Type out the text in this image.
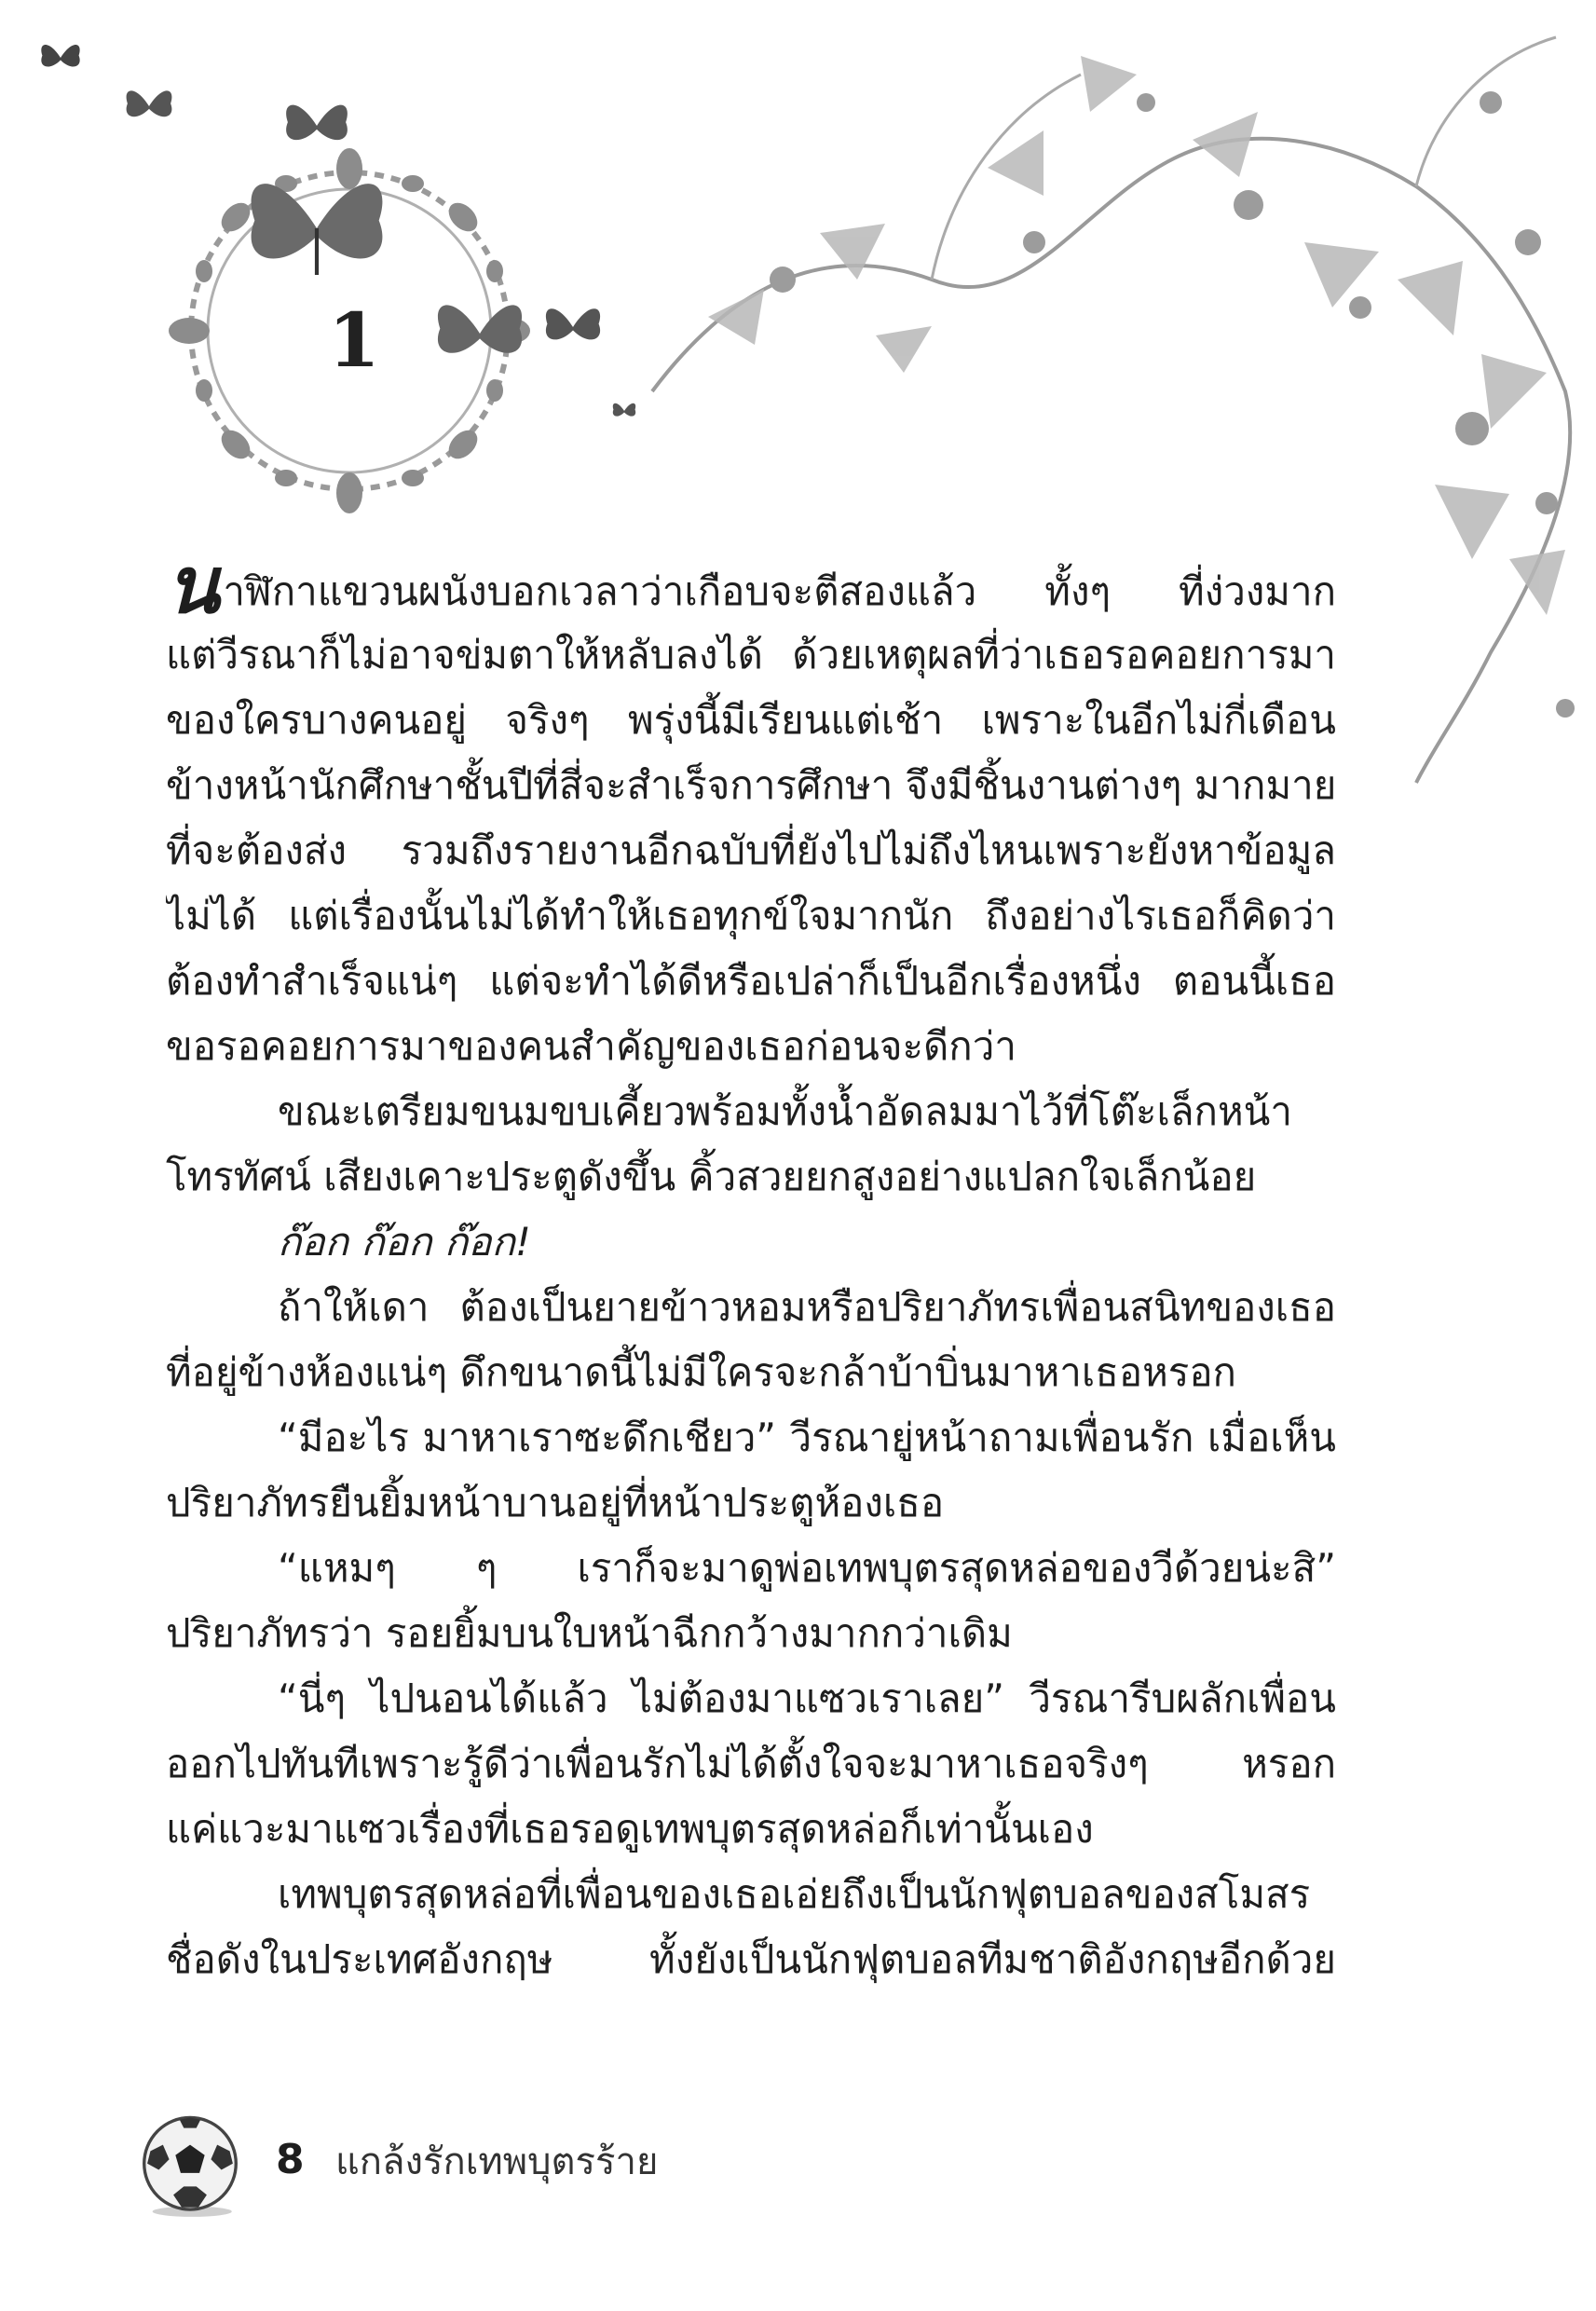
1
นาฬิกาแขวนผนังบอกเวลาว่าเกือบจะตีสองแล้ว ทั้งๆ ที่ง่วงมาก
แต่วีรณาก็ไม่อาจข่มตาให้หลับลงได้ ด้วยเหตุผลที่ว่าเธอรอคอยการมา
ของใครบางคนอยู่ จริงๆ พรุ่งนี้มีเรียนแต่เช้า เพราะในอีกไม่กี่เดือน
ข้างหน้านักศึกษาชั้นปีที่สี่จะสำเร็จการศึกษา จึงมีชิ้นงานต่างๆ มากมาย
ที่จะต้องส่ง รวมถึงรายงานอีกฉบับที่ยังไปไม่ถึงไหนเพราะยังหาข้อมูล
ไม่ได้ แต่เรื่องนั้นไม่ได้ทำให้เธอทุกข์ใจมากนัก ถึงอย่างไรเธอก็คิดว่า
ต้องทำสำเร็จแน่ๆ แต่จะทำได้ดีหรือเปล่าก็เป็นอีกเรื่องหนึ่ง ตอนนี้เธอ
ขอรอคอยการมาของคนสำคัญของเธอก่อนจะดีกว่า
ขณะเตรียมขนมขบเคี้ยวพร้อมทั้งน้ำอัดลมมาไว้ที่โต๊ะเล็กหน้า
โทรทัศน์ เสียงเคาะประตูดังขึ้น คิ้วสวยยกสูงอย่างแปลกใจเล็กน้อย
ก๊อก ก๊อก ก๊อก!
ถ้าให้เดา ต้องเป็นยายข้าวหอมหรือปริยาภัทรเพื่อนสนิทของเธอ
ที่อยู่ข้างห้องแน่ๆ ดึกขนาดนี้ไม่มีใครจะกล้าบ้าบิ่นมาหาเธอหรอก
“มีอะไร มาหาเราซะดึกเชียว” วีรณายู่หน้าถามเพื่อนรัก เมื่อเห็น
ปริยาภัทรยืนยิ้มหน้าบานอยู่ที่หน้าประตูห้องเธอ
“แหมๆ ๆ เราก็จะมาดูพ่อเทพบุตรสุดหล่อของวีด้วยน่ะสิ”
ปริยาภัทรว่า รอยยิ้มบนใบหน้าฉีกกว้างมากกว่าเดิม
“นี่ๆ ไปนอนได้แล้ว ไม่ต้องมาแซวเราเลย” วีรณารีบผลักเพื่อน
ออกไปทันทีเพราะรู้ดีว่าเพื่อนรักไม่ได้ตั้งใจจะมาหาเธอจริงๆ หรอก
แค่แวะมาแซวเรื่องที่เธอรอดูเทพบุตรสุดหล่อก็เท่านั้นเอง
เทพบุตรสุดหล่อที่เพื่อนของเธอเอ่ยถึงเป็นนักฟุตบอลของสโมสร
ชื่อดังในประเทศอังกฤษ ทั้งยังเป็นนักฟุตบอลทีมชาติอังกฤษอีกด้วย
8 แกล้งรักเทพบุตรร้าย
